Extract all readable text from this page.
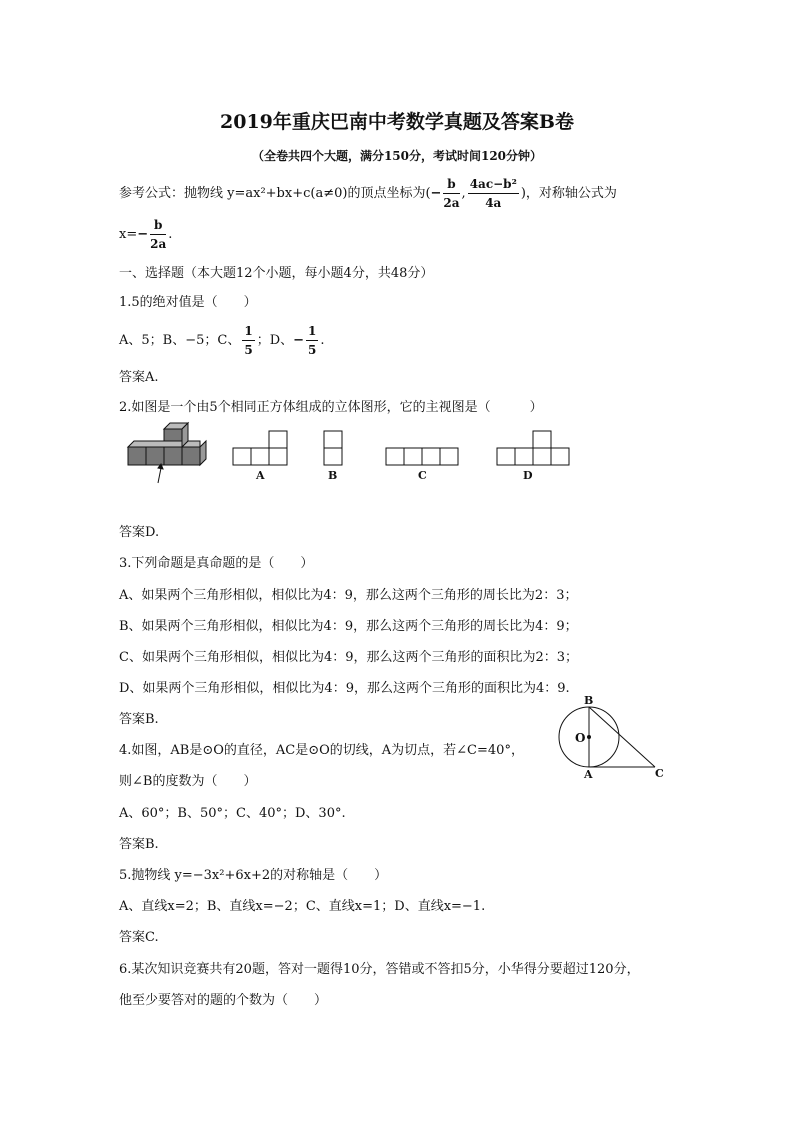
2019年重庆巴南中考数学真题及答案B卷
（全卷共四个大题，满分150分，考试时间120分钟）
参考公式：抛物线 y=ax²+bx+c(a≠0)的顶点坐标为(− $\frac{b}{2a}$ , $\frac{\text{4ac−b²}}{4a}$ )，对称轴公式为
$x=- \frac{b}{2a}$ .
一、选择题（本大题12个小题，每小题4分，共48分）
1.5的绝对值是（　　）
A、5；B、−5；C、 $\frac{1}{5}$ ；D、− $\frac{1}{5}$ .
答案A.
2.如图是一个由5个相同正方体组成的立体图形，它的主视图是（　　　）
A	B	C	D
答案D.
3.下列命题是真命题的是（　　）
A、如果两个三角形相似，相似比为4：9，那么这两个三角形的周长比为2：3；
B、如果两个三角形相似，相似比为4：9，那么这两个三角形的周长比为4：9；
C、如果两个三角形相似，相似比为4：9，那么这两个三角形的面积比为2：3；
D、如果两个三角形相似，相似比为4：9，那么这两个三角形的面积比为4：9.
答案B.
4.如图，AB是⊙O的直径，AC是⊙O的切线，A为切点，若∠C=40°，
则∠B的度数为（　　）
B
O
A	C
A、60°；B、50°；C、40°；D、30°.
答案B.
5.抛物线 y=−3x²+6x+2的对称轴是（　　）
A、直线x=2；B、直线x=−2；C、直线x=1；D、直线x=−1.
答案C.
6.某次知识竞赛共有20题，答对一题得10分，答错或不答扣5分，小华得分要超过120分，
他至少要答对的题的个数为（　　）
